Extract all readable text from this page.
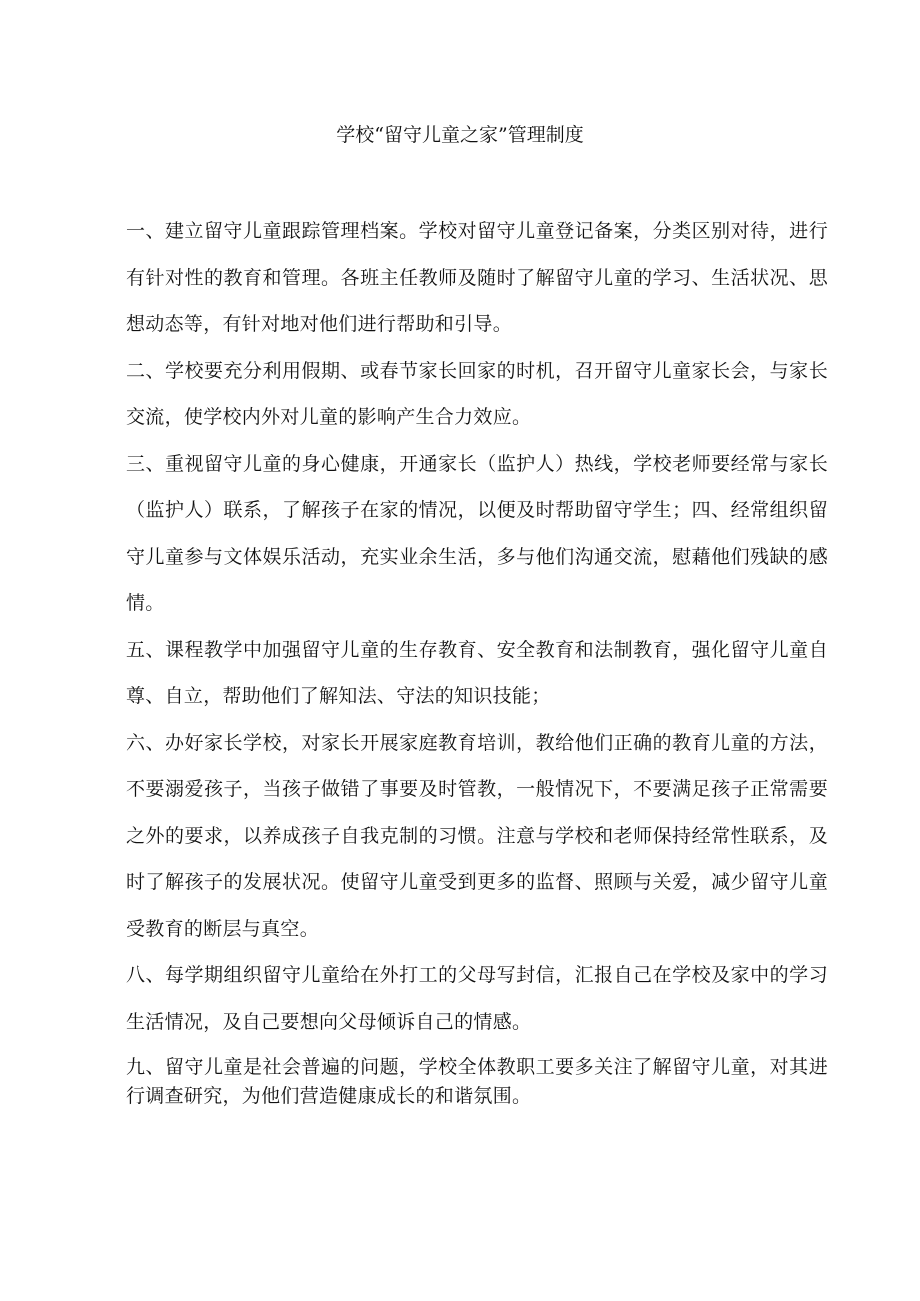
学校“留守儿童之家”管理制度

一、建立留守儿童跟踪管理档案。学校对留守儿童登记备案，分类区别对待，进行有针对性的教育和管理。各班主任教师及随时了解留守儿童的学习、生活状况、思想动态等，有针对地对他们进行帮助和引导。

二、学校要充分利用假期、或春节家长回家的时机，召开留守儿童家长会，与家长交流，使学校内外对儿童的影响产生合力效应。

三、重视留守儿童的身心健康，开通家长（监护人）热线，学校老师要经常与家长（监护人）联系，了解孩子在家的情况，以便及时帮助留守学生；四、经常组织留守儿童参与文体娱乐活动，充实业余生活，多与他们沟通交流，慰藉他们残缺的感情。

五、课程教学中加强留守儿童的生存教育、安全教育和法制教育，强化留守儿童自尊、自立，帮助他们了解知法、守法的知识技能；

六、办好家长学校，对家长开展家庭教育培训，教给他们正确的教育儿童的方法，不要溺爱孩子，当孩子做错了事要及时管教，一般情况下，不要满足孩子正常需要之外的要求，以养成孩子自我克制的习惯。注意与学校和老师保持经常性联系，及时了解孩子的发展状况。使留守儿童受到更多的监督、照顾与关爱，减少留守儿童受教育的断层与真空。

八、每学期组织留守儿童给在外打工的父母写封信，汇报自己在学校及家中的学习生活情况，及自己要想向父母倾诉自己的情感。

九、留守儿童是社会普遍的问题，学校全体教职工要多关注了解留守儿童，对其进行调查研究，为他们营造健康成长的和谐氛围。
